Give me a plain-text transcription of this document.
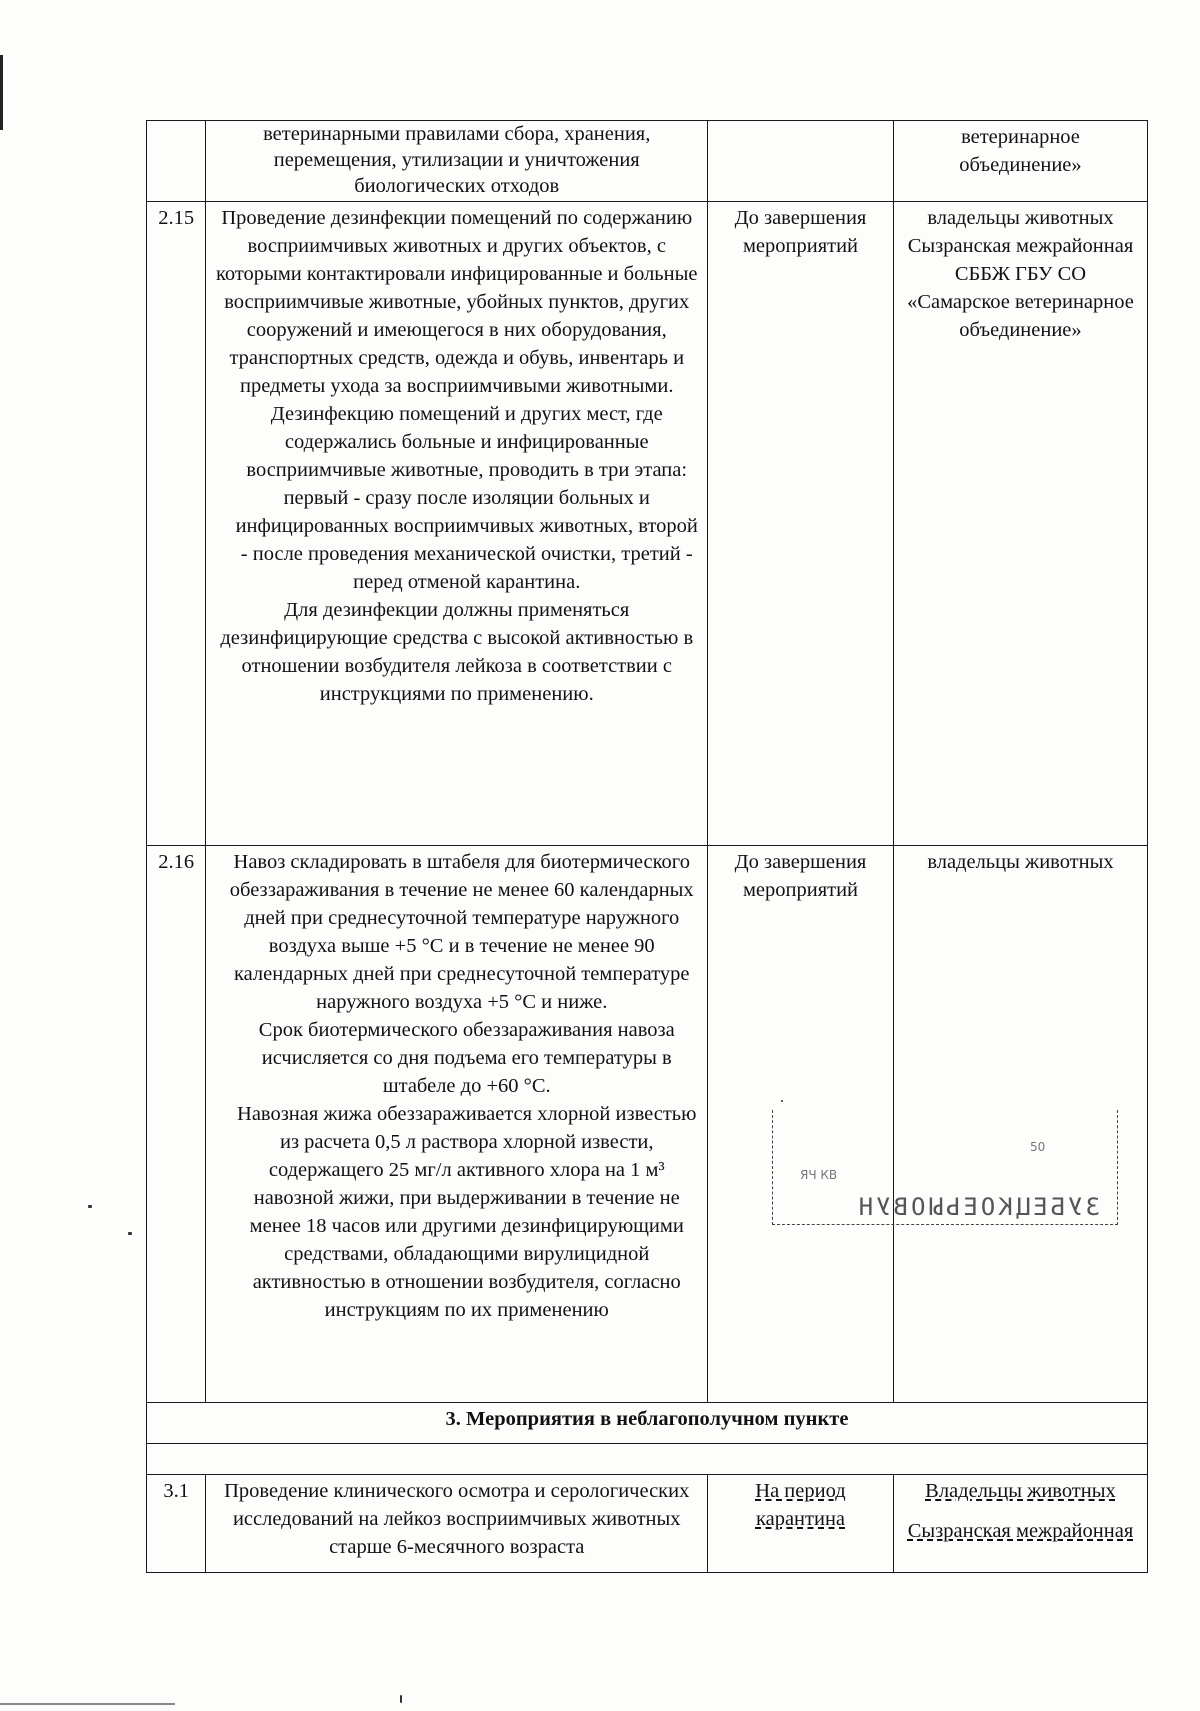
	ветеринарными правилами сбора, хранения, перемещения, утилизации и уничтожения биологических отходов		ветеринарное объединение»
2.15	Проведение дезинфекции помещений по содержанию восприимчивых животных и других объектов, с которыми контактировали инфицированные и больные восприимчивые животные, убойных пунктов, других сооружений и имеющегося в них оборудования, транспортных средств, одежда и обувь, инвентарь и предметы ухода за восприимчивыми животными.
Дезинфекцию помещений и других мест, где содержались больные и инфицированные восприимчивые животные, проводить в три этапа: первый - сразу после изоляции больных и инфицированных восприимчивых животных, второй - после проведения механической очистки, третий - перед отменой карантина.
Для дезинфекции должны применяться дезинфицирующие средства с высокой активностью в отношении возбудителя лейкоза в соответствии с инструкциями по применению.	До завершения мероприятий	владельцы животных Сызранская межрайонная СББЖ ГБУ СО «Самарское ветеринарное объединение»
2.16	Навоз складировать в штабеля для биотермического обеззараживания в течение не менее 60 календарных дней при среднесуточной температуре наружного воздуха выше +5 °С и в течение не менее 90 календарных дней при среднесуточной температуре наружного воздуха +5 °С и ниже.
Срок биотермического обеззараживания навоза исчисляется со дня подъема его температуры в штабеле до +60 °С.
Навозная жижа обеззараживается хлорной известью из расчета 0,5 л раствора хлорной извести, содержащего 25 мг/л активного хлора на 1 м³ навозной жижи, при выдерживании в течение не менее 18 часов или другими дезинфицирующими средствами, обладающими вирулицидной активностью в отношении возбудителя, согласно инструкциям по их применению	До завершения мероприятий	владельцы животных
3. Мероприятия в неблагополучном пункте			

3.1	Проведение клинического осмотра и серологических исследований на лейкоз восприимчивых животных старше 6-месячного возраста	На период карантина	Владельцы животных
Сызранская межрайонная
ЯЧ КВ
50
ЗУБЕЦКОЕЬЫОВУН
